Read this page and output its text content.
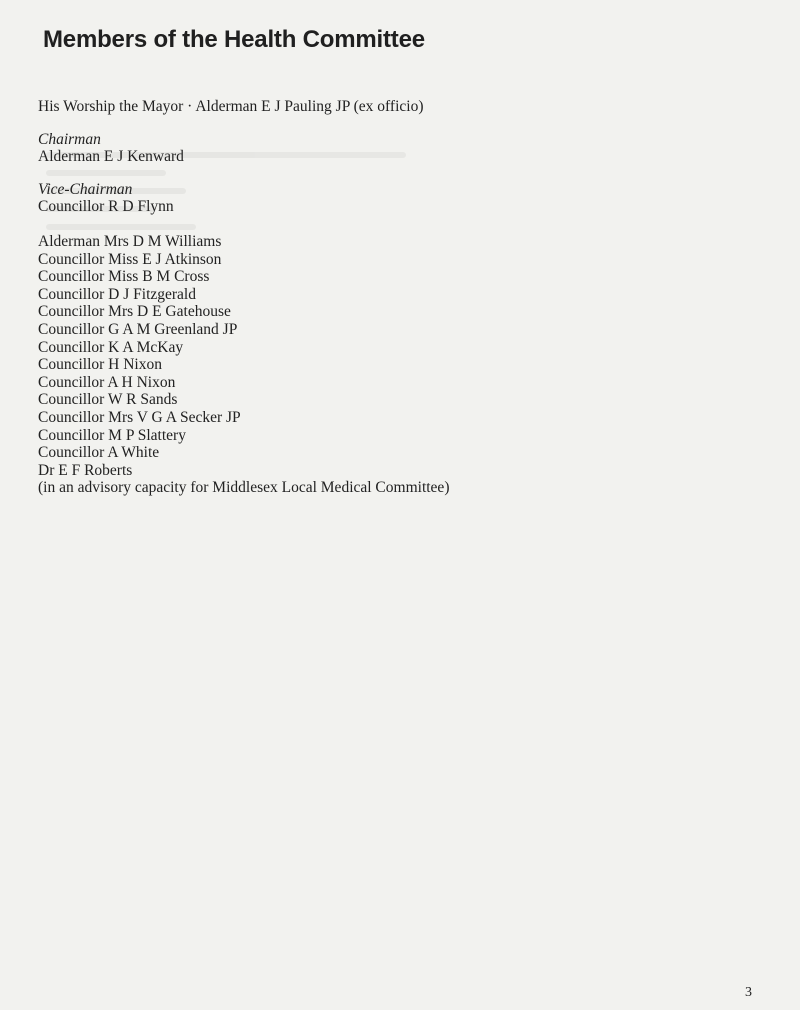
Members of the Health Committee

His Worship the Mayor · Alderman E J Pauling JP (ex officio)

Chairman

Alderman E J Kenward

Vice-Chairman

Councillor R D Flynn

Alderman Mrs D M Williams

Councillor Miss E J Atkinson

Councillor Miss B M Cross

Councillor D J Fitzgerald

Councillor Mrs D E Gatehouse

Councillor G A M Greenland JP

Councillor K A McKay

Councillor H Nixon

Councillor A H Nixon

Councillor W R Sands

Councillor Mrs V G A Secker JP

Councillor M P Slattery

Councillor A White

Dr E F Roberts

(in an advisory capacity for Middlesex Local Medical Committee)

3
